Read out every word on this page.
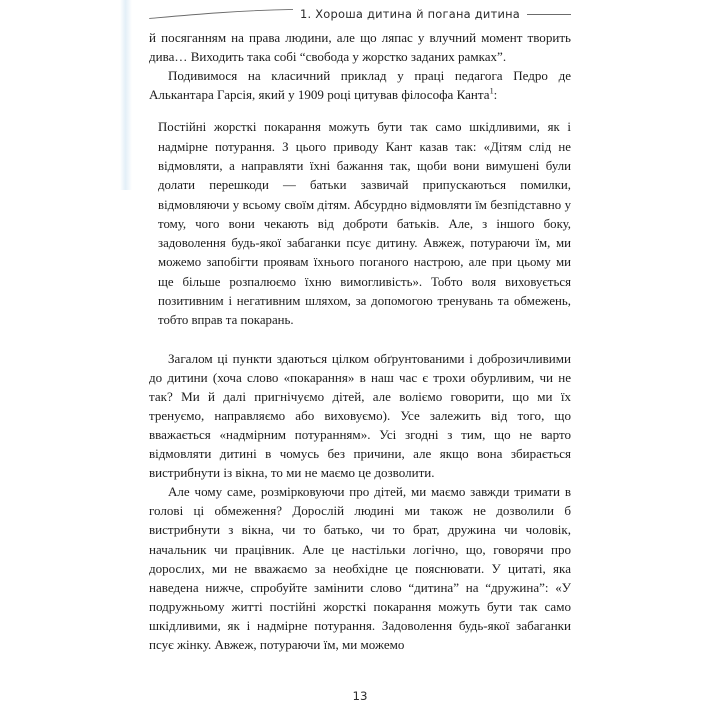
1. Хороша дитина й погана дитина

й посяганням на права людини, але що ляпас у влучний момент творить дива… Виходить така собі “свобода у жорстко заданих рамках”.

Подивимося на класичний приклад у праці педагога Педро де Алькантара Гарсія, який у 1909 році цитував філософа Канта$^1$:

Постійні жорсткі покарання можуть бути так само шкідливими, як і надмірне потурання. З цього приводу Кант казав так: «Дітям слід не відмовляти, а направляти їхні бажання так, щоби вони вимушені були долати перешкоди — батьки зазвичай припускаються помилки, відмовляючи у всьому своїм дітям. Абсурдно відмовляти їм безпідставно у тому, чого вони чекають від доброти батьків. Але, з іншого боку, задоволення будь-якої забаганки псує дитину. Авжеж, потураючи їм, ми можемо запобігти проявам їхнього поганого настрою, але при цьому ми ще більше розпалюємо їхню вимогливість». Тобто воля виховується позитивним і негативним шляхом, за допомогою тренувань та обмежень, тобто вправ та покарань.

Загалом ці пункти здаються цілком обґрунтованими і доброзичливими до дитини (хоча слово «покарання» в наш час є трохи обурливим, чи не так? Ми й далі пригнічуємо дітей, але воліємо говорити, що ми їх тренуємо, направляємо або виховуємо). Усе залежить від того, що вважається «надмірним потуранням». Усі згодні з тим, що не варто відмовляти дитині в чомусь без причини, але якщо вона збирається вистрибнути із вікна, то ми не маємо це дозволити.

Але чому саме, розмірковуючи про дітей, ми маємо завжди тримати в голові ці обмеження? Дорослій людині ми також не дозволили б вистрибнути з вікна, чи то батько, чи то брат, дружина чи чоловік, начальник чи працівник. Але це настільки логічно, що, говорячи про дорослих, ми не вважаємо за необхідне це пояснювати. У цитаті, яка наведена нижче, спробуйте замінити слово “дитина” на “дружина”: «У подружньому житті постійні жорсткі покарання можуть бути так само шкідливими, як і надмірне потурання. Задоволення будь-якої забаганки псує жінку. Авжеж, потураючи їм, ми можемо

13
